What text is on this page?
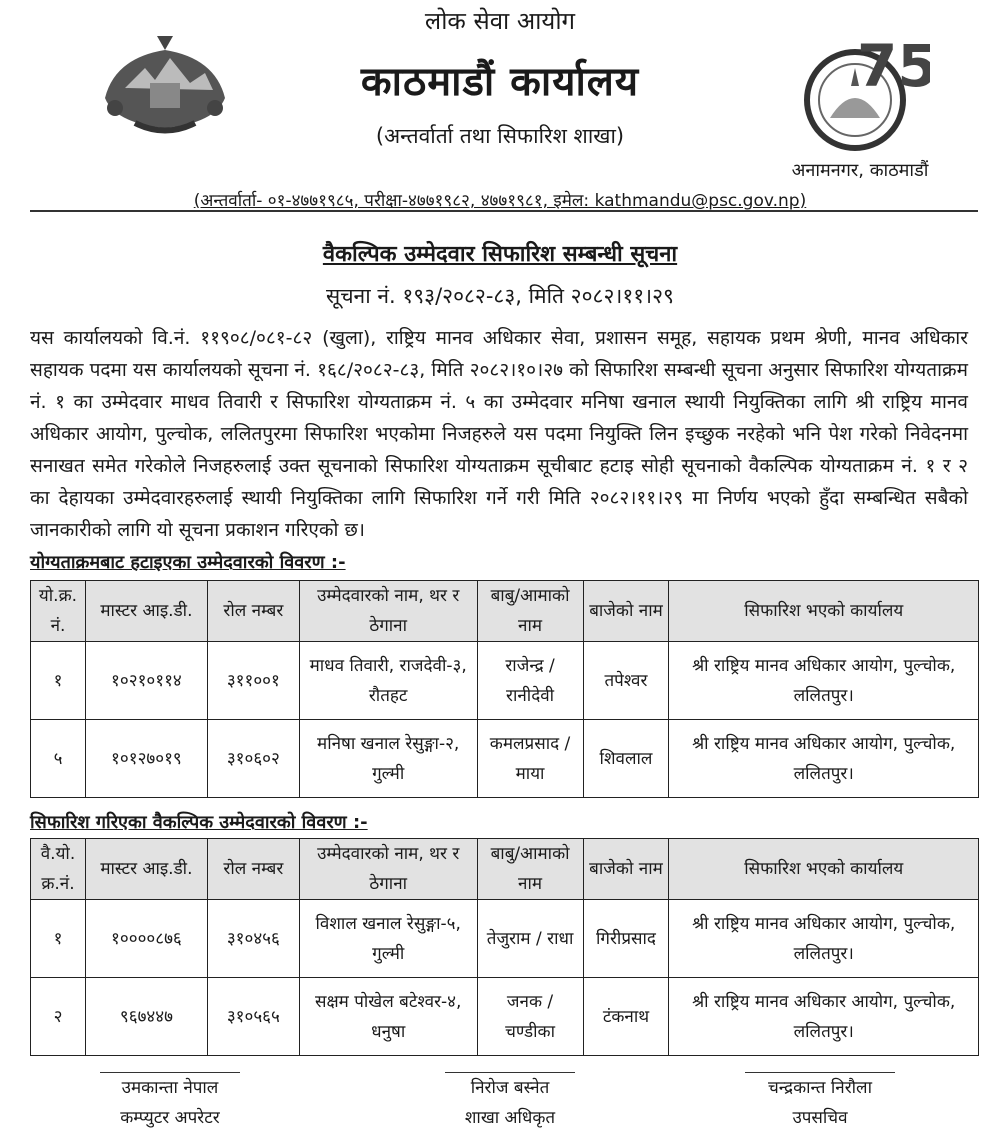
75
लोक सेवा आयोग
काठमाडौं कार्यालय
(अन्तर्वार्ता तथा सिफारिश शाखा)
अनामनगर, काठमाडौं
(अन्तर्वार्ता- ०१-४७७१९८५, परीक्षा-४७७१९८२, ४७७१९८१, इमेल: kathmandu@psc.gov.np)
वैकल्पिक उम्मेदवार सिफारिश सम्बन्धी सूचना
सूचना नं. १९३/२०८२-८३, मिति २०८२।११।२९
यस कार्यालयको वि.नं. ११९०८/०८१-८२ (खुला), राष्ट्रिय मानव अधिकार सेवा, प्रशासन समूह, सहायक प्रथम श्रेणी, मानव अधिकार सहायक पदमा यस कार्यालयको सूचना नं. १६८/२०८२-८३, मिति २०८२।१०।२७ को सिफारिश सम्बन्धी सूचना अनुसार सिफारिश योग्यताक्रम नं. १ का उम्मेदवार माधव तिवारी र सिफारिश योग्यताक्रम नं. ५ का उम्मेदवार मनिषा खनाल स्थायी नियुक्तिका लागि श्री राष्ट्रिय मानव अधिकार आयोग, पुल्चोक, ललितपुरमा सिफारिश भएकोमा निजहरुले यस पदमा नियुक्ति लिन इच्छुक नरहेको भनि पेश गरेको निवेदनमा सनाखत समेत गरेकोले निजहरुलाई उक्त सूचनाको सिफारिश योग्यताक्रम सूचीबाट हटाइ सोही सूचनाको वैकल्पिक योग्यताक्रम नं. १ र २ का देहायका उम्मेदवारहरुलाई स्थायी नियुक्तिका लागि सिफारिश गर्ने गरी मिति २०८२।११।२९ मा निर्णय भएको हुँदा सम्बन्धित सबैको जानकारीको लागि यो सूचना प्रकाशन गरिएको छ।
योग्यताक्रमबाट हटाइएका उम्मेदवारको विवरण :-
यो.क्र. नं.	मास्टर आइ.डी.	रोल नम्बर	उम्मेदवारको नाम, थर र ठेगाना	बाबु/आमाको नाम	बाजेको नाम	सिफारिश भएको कार्यालय
१	१०२१०११४	३११००१	माधव तिवारी, राजदेवी-३, रौतहट	राजेन्द्र / रानीदेवी	तपेश्वर	श्री राष्ट्रिय मानव अधिकार आयोग, पुल्चोक, ललितपुर।
५	१०१२७०१९	३१०६०२	मनिषा खनाल रेसुङ्गा-२, गुल्मी	कमलप्रसाद / माया	शिवलाल	श्री राष्ट्रिय मानव अधिकार आयोग, पुल्चोक, ललितपुर।
सिफारिश गरिएका वैकल्पिक उम्मेदवारको विवरण :-
वै.यो. क्र.नं.	मास्टर आइ.डी.	रोल नम्बर	उम्मेदवारको नाम, थर र ठेगाना	बाबु/आमाको नाम	बाजेको नाम	सिफारिश भएको कार्यालय
१	१००००८७६	३१०४५६	विशाल खनाल रेसुङ्गा-५, गुल्मी	तेजुराम / राधा	गिरीप्रसाद	श्री राष्ट्रिय मानव अधिकार आयोग, पुल्चोक, ललितपुर।
२	९६७४४७	३१०५६५	सक्षम पोखेल बटेश्वर-४, धनुषा	जनक / चण्डीका	टंकनाथ	श्री राष्ट्रिय मानव अधिकार आयोग, पुल्चोक, ललितपुर।
उमकान्ता नेपाल
कम्प्युटर अपरेटर
निरोज बस्नेत
शाखा अधिकृत
चन्द्रकान्त निरौला
उपसचिव
